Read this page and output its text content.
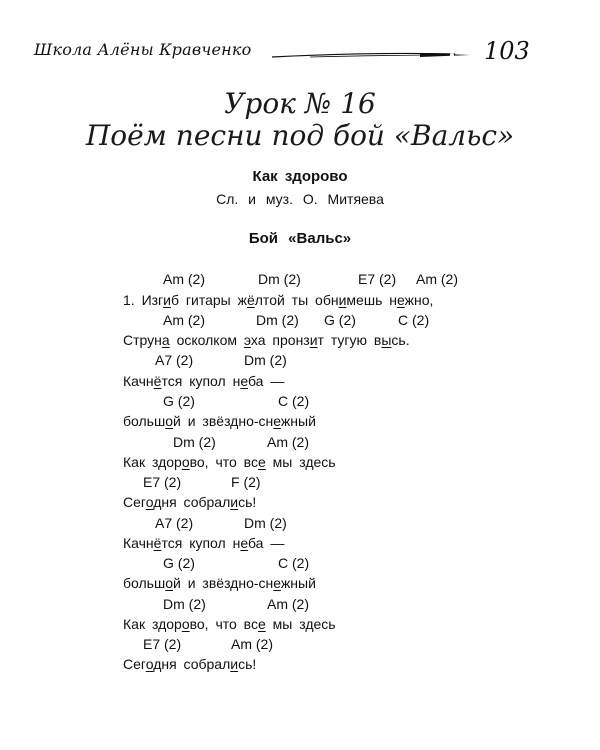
Школа Алёны Кравченко	103
Урок № 16
Поём песни под бой «Вальс»
Как здорово
Сл. и муз. О. Митяева
Бой «Вальс»
Am (2)	Dm (2)	E7 (2) Am (2)
Am (2)	Dm (2) G (2)	C (2)
A7 (2)	Dm (2)
G (2)	C (2)
Dm (2)	Am (2)
E7 (2)	F (2)
A7 (2)	Dm (2)
G (2)	C (2)
Dm (2)	Am (2)
E7 (2)	Am (2)
1. Изгиб гитары жёлтой ты обнимешь нежно,
Струна осколком эха пронзит тугую высь.
Качнётся купол неба —
большой и звёздно-снежный
Как здорово, что все мы здесь
Сегодня собрались!
Качнётся купол неба —
большой и звёздно-снежный
Как здорово, что все мы здесь
Сегодня собрались!
